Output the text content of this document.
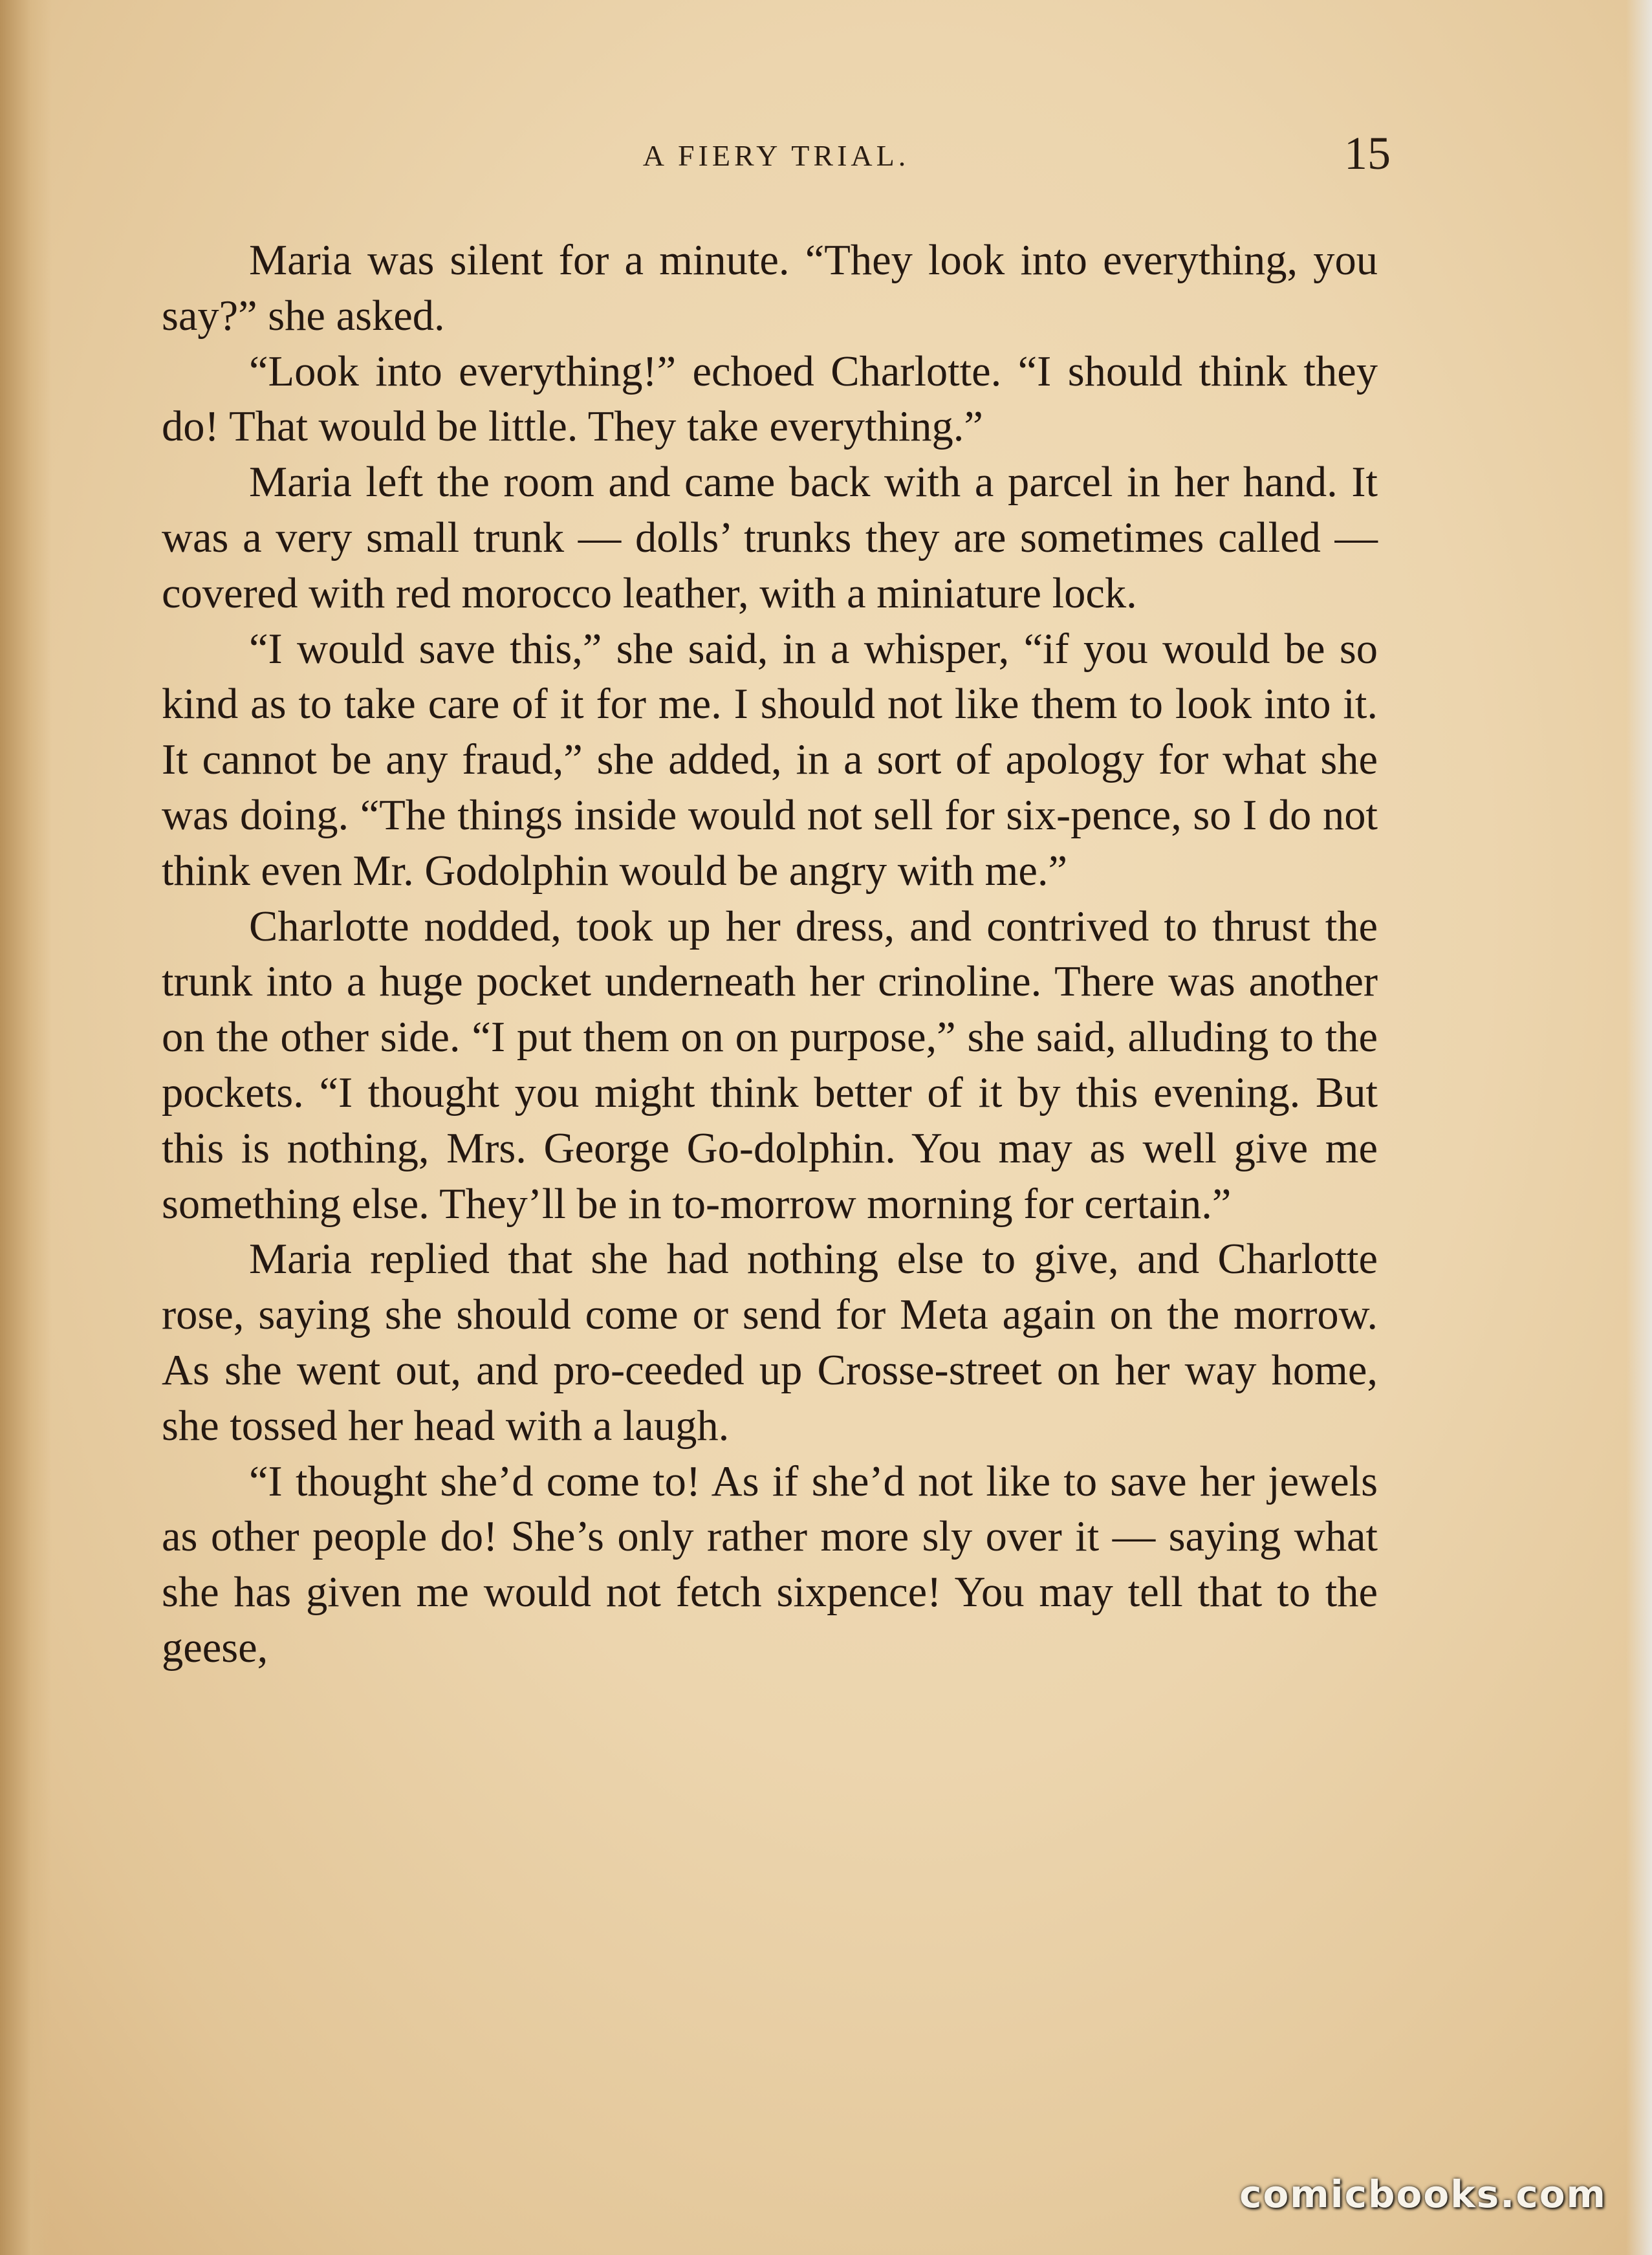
A FIERY TRIAL.	15

Maria was silent for a minute. “They look into everything, you say?” she asked.

“Look into everything!” echoed Charlotte. “I should think they do! That would be little. They take everything.”

Maria left the room and came back with a parcel in her hand. It was a very small trunk — dolls’ trunks they are sometimes called — covered with red morocco leather, with a miniature lock.

“I would save this,” she said, in a whisper, “if you would be so kind as to take care of it for me. I should not like them to look into it. It cannot be any fraud,” she added, in a sort of apology for what she was doing. “The things inside would not sell for six-pence, so I do not think even Mr. Godolphin would be angry with me.”

Charlotte nodded, took up her dress, and contrived to thrust the trunk into a huge pocket underneath her crinoline. There was another on the other side. “I put them on on purpose,” she said, alluding to the pockets. “I thought you might think better of it by this evening. But this is nothing, Mrs. George Go-dolphin. You may as well give me something else. They’ll be in to-morrow morning for certain.”

Maria replied that she had nothing else to give, and Charlotte rose, saying she should come or send for Meta again on the morrow. As she went out, and pro-ceeded up Crosse-street on her way home, she tossed her head with a laugh.

“I thought she’d come to! As if she’d not like to save her jewels as other people do! She’s only rather more sly over it — saying what she has given me would not fetch sixpence! You may tell that to the geese,

comicbooks.com
